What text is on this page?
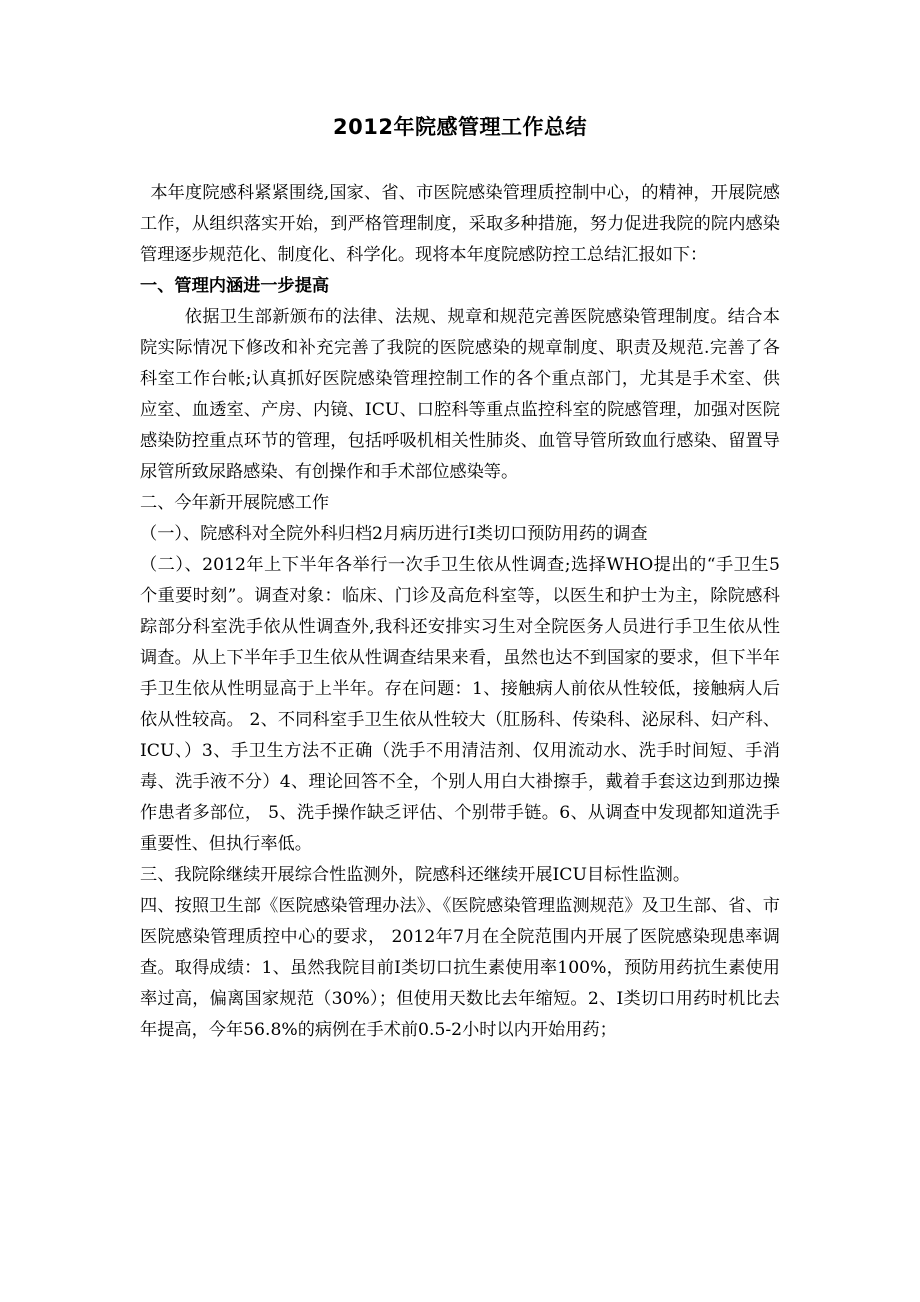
2012年院感管理工作总结

本年度院感科紧紧围绕,国家、省、市医院感染管理质控制中心，的精神，开展院感工作，从组织落实开始，到严格管理制度，采取多种措施，努力促进我院的院内感染管理逐步规范化、制度化、科学化。现将本年度院感防控工总结汇报如下：

一、管理内涵进一步提高

依据卫生部新颁布的法律、法规、规章和规范完善医院感染管理制度。结合本院实际情况下修改和补充完善了我院的医院感染的规章制度、职责及规范.完善了各科室工作台帐;认真抓好医院感染管理控制工作的各个重点部门，尤其是手术室、供应室、血透室、产房、内镜、ICU、口腔科等重点监控科室的院感管理，加强对医院感染防控重点环节的管理，包括呼吸机相关性肺炎、血管导管所致血行感染、留置导尿管所致尿路感染、有创操作和手术部位感染等。

二、今年新开展院感工作

（一）、院感科对全院外科归档2月病历进行Ⅰ类切口预防用药的调查

（二）、2012年上下半年各举行一次手卫生依从性调查;选择WHO提出的“手卫生5个重要时刻”。调查对象：临床、门诊及高危科室等，以医生和护士为主，除院感科踪部分科室洗手依从性调查外,我科还安排实习生对全院医务人员进行手卫生依从性调查。从上下半年手卫生依从性调查结果来看，虽然也达不到国家的要求，但下半年手卫生依从性明显高于上半年。存在问题：1、接触病人前依从性较低，接触病人后依从性较高。 2、不同科室手卫生依从性较大（肛肠科、传染科、泌尿科、妇产科、ICU、）3、手卫生方法不正确（洗手不用清洁剂、仅用流动水、洗手时间短、手消毒、洗手液不分）4、理论回答不全，个别人用白大褂擦手，戴着手套这边到那边操作患者多部位， 5、洗手操作缺乏评估、个别带手链。6、从调查中发现都知道洗手重要性、但执行率低。

三、我院除继续开展综合性监测外，院感科还继续开展ICU目标性监测。

四、按照卫生部《医院感染管理办法》、《医院感染管理监测规范》及卫生部、省、市医院感染管理质控中心的要求， 2012年7月在全院范围内开展了医院感染现患率调查。取得成绩：1、虽然我院目前Ⅰ类切口抗生素使用率100%，预防用药抗生素使用率过高，偏离国家规范（30%）；但使用天数比去年缩短。2、Ⅰ类切口用药时机比去年提高，今年56.8%的病例在手术前0.5-2小时以内开始用药；
